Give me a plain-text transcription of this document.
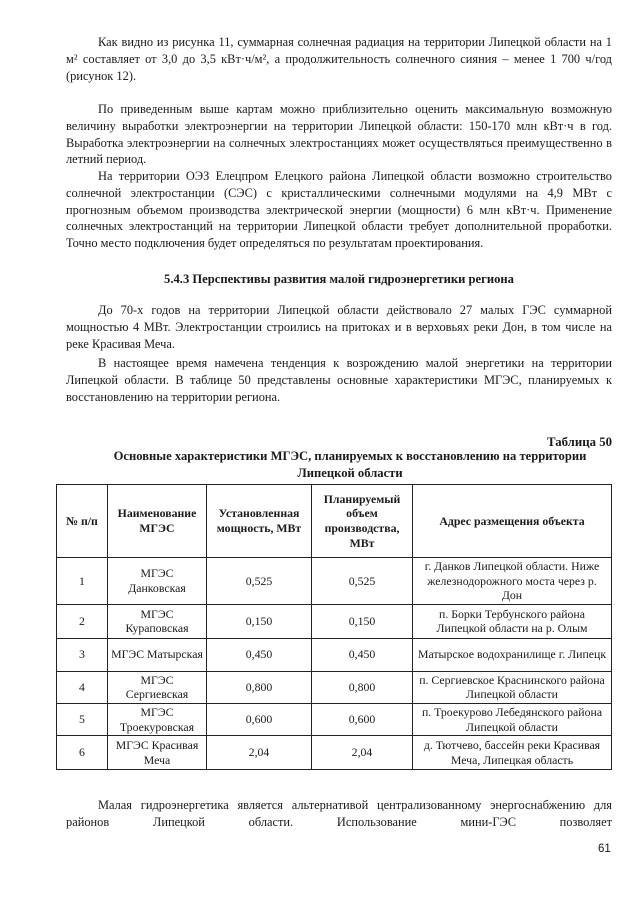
Как видно из рисунка 11, суммарная солнечная радиация на территории Липецкой области на 1 м² составляет от 3,0 до 3,5 кВт·ч/м², а продолжительность солнечного сияния – менее 1 700 ч/год (рисунок 12).

По приведенным выше картам можно приблизительно оценить максимальную возможную величину выработки электроэнергии на территории Липецкой области: 150-170 млн кВт·ч в год. Выработка электроэнергии на солнечных электростанциях может осуществляться преимущественно в летний период.

На территории ОЭЗ Елецпром Елецкого района Липецкой области возможно строительство солнечной электростанции (СЭС) с кристаллическими солнечными модулями на 4,9 МВт с прогнозным объемом производства электрической энергии (мощности) 6 млн кВт·ч. Применение солнечных электростанций на территории Липецкой области требует дополнительной проработки. Точно место подключения будет определяться по результатам проектирования.

5.4.3 Перспективы развития малой гидроэнергетики региона

До 70-х годов на территории Липецкой области действовало 27 малых ГЭС суммарной мощностью 4 МВт. Электростанции строились на притоках и в верховьях реки Дон, в том числе на реке Красивая Меча.

В настоящее время намечена тенденция к возрождению малой энергетики на территории Липецкой области. В таблице 50 представлены основные характеристики МГЭС, планируемых к восстановлению на территории региона.

Таблица 50
Основные характеристики МГЭС, планируемых к восстановлению на территории Липецкой области
№ п/п	Наименование МГЭС	Установленная мощность, МВт	Планируемый объем производства, МВт	Адрес размещения объекта
1	МГЭС Данковская	0,525	0,525	г. Данков Липецкой области. Ниже железнодорожного моста через р. Дон
2	МГЭС Кураповская	0,150	0,150	п. Борки Тербунского района Липецкой области на р. Олым
3	МГЭС Матырская	0,450	0,450	Матырское водохранилище г. Липецк
4	МГЭС Сергиевская	0,800	0,800	п. Сергиевское Краснинского района Липецкой области
5	МГЭС Троекуровская	0,600	0,600	п. Троекурово Лебедянского района Липецкой области
6	МГЭС Красивая Меча	2,04	2,04	д. Тютчево, бассейн реки Красивая Меча, Липецкая область

Малая гидроэнергетика является альтернативой централизованному энергоснабжению для районов Липецкой области. Использование мини-ГЭС позволяет

61
